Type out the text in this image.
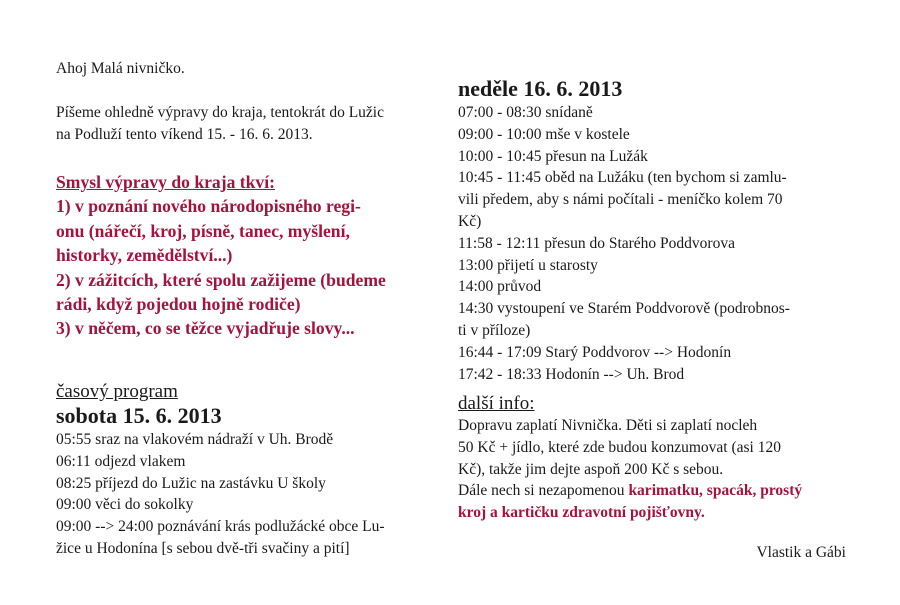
Ahoj Malá nivničko.
Píšeme ohledně výpravy do kraja, tentokrát do Lužic
na Podluží tento víkend 15. - 16. 6. 2013.
Smysl výpravy do kraja tkví:
1) v poznání nového národopisného regi-
onu (nářečí, kroj, písně, tanec, myšlení,
historky, zemědělství...)
2) v zážitcích, které spolu zažijeme (budeme
rádi, když pojedou hojně rodiče)
3) v něčem, co se těžce vyjadřuje slovy...
časový program
sobota 15. 6. 2013
05:55 sraz na vlakovém nádraží v Uh. Brodě
06:11 odjezd vlakem
08:25 příjezd do Lužic na zastávku U školy
09:00 věci do sokolky
09:00 --> 24:00 poznávání krás podlužácké obce Lu-
žice u Hodonína [s sebou dvě-tři svačiny a pití]
neděle 16. 6. 2013
07:00 - 08:30 snídaně
09:00 - 10:00 mše v kostele
10:00 - 10:45 přesun na Lužák
10:45 - 11:45 oběd na Lužáku (ten bychom si zamlu-
vili předem, aby s námi počítali - meníčko kolem 70
Kč)
11:58 - 12:11 přesun do Starého Poddvorova
13:00 přijetí u starosty
14:00 průvod
14:30 vystoupení ve Starém Poddvorově (podrobnos-
ti v příloze)
16:44 - 17:09 Starý Poddvorov --> Hodonín
17:42 - 18:33 Hodonín --> Uh. Brod
další info:
Dopravu zaplatí Nivnička. Děti si zaplatí nocleh
50 Kč + jídlo, které zde budou konzumovat (asi 120
Kč), takže jim dejte aspoň 200 Kč s sebou.
Dále nech si nezapomenou karimatku, spacák, prostý
kroj a kartičku zdravotní pojišťovny.
Vlastik a Gábi
